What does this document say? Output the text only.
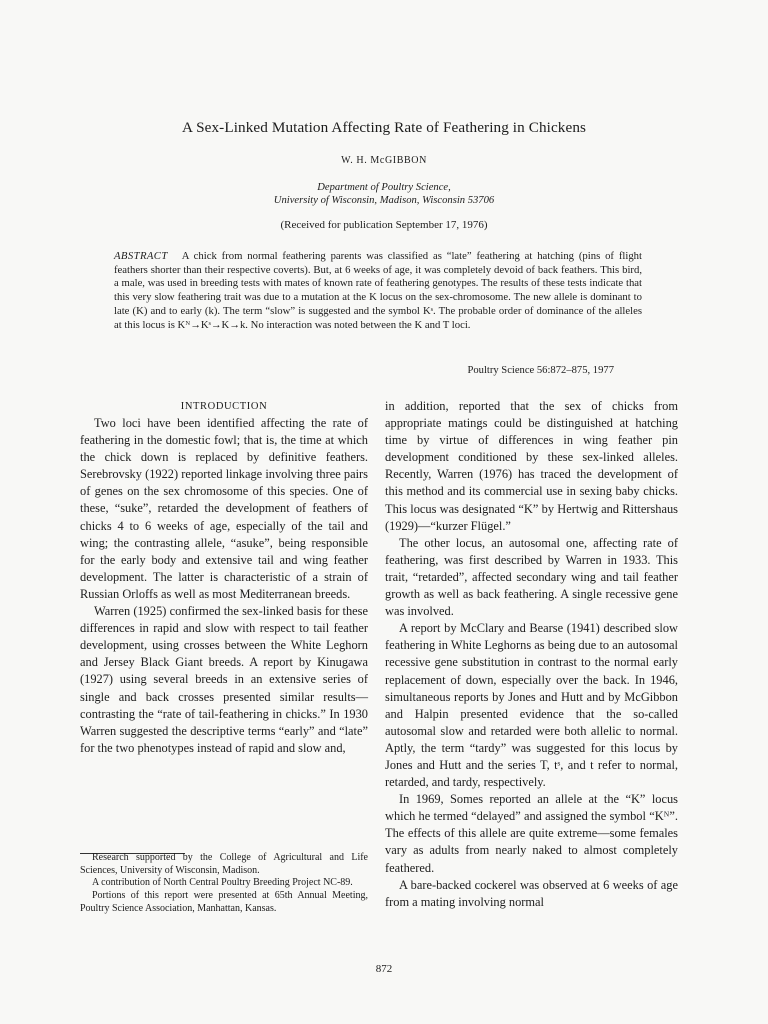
A Sex-Linked Mutation Affecting Rate of Feathering in Chickens
W. H. McGIBBON
Department of Poultry Science,
University of Wisconsin, Madison, Wisconsin 53706
(Received for publication September 17, 1976)
ABSTRACT A chick from normal feathering parents was classified as “late” feathering at hatching (pins of flight feathers shorter than their respective coverts). But, at 6 weeks of age, it was completely devoid of back feathers. This bird, a male, was used in breeding tests with mates of known rate of feathering genotypes. The results of these tests indicate that this very slow feathering trait was due to a mutation at the K locus on the sex-chromosome. The new allele is dominant to late (K) and to early (k). The term “slow” is suggested and the symbol Kˢ. The probable order of dominance of the alleles at this locus is Kᴺ→Kˢ→K→k. No interaction was noted between the K and T loci.
Poultry Science 56:872–875, 1977

INTRODUCTION

Two loci have been identified affecting the rate of feathering in the domestic fowl; that is, the time at which the chick down is replaced by definitive feathers. Serebrovsky (1922) reported linkage involving three pairs of genes on the sex chromosome of this species. One of these, “suke”, retarded the development of feathers of chicks 4 to 6 weeks of age, especially of the tail and wing; the contrasting allele, “asuke”, being responsible for the early body and extensive tail and wing feather development. The latter is characteristic of a strain of Russian Orloffs as well as most Mediterranean breeds.

Warren (1925) confirmed the sex-linked basis for these differences in rapid and slow with respect to tail feather development, using crosses between the White Leghorn and Jersey Black Giant breeds. A report by Kinugawa (1927) using several breeds in an extensive series of single and back crosses presented similar results—contrasting the “rate of tail-feathering in chicks.” In 1930 Warren suggested the descriptive terms “early” and “late” for the two phenotypes instead of rapid and slow and,

in addition, reported that the sex of chicks from appropriate matings could be distinguished at hatching time by virtue of differences in wing feather pin development conditioned by these sex-linked alleles. Recently, Warren (1976) has traced the development of this method and its commercial use in sexing baby chicks. This locus was designated “K” by Hertwig and Rittershaus (1929)—“kurzer Flügel.”

The other locus, an autosomal one, affecting rate of feathering, was first described by Warren in 1933. This trait, “retarded”, affected secondary wing and tail feather growth as well as back feathering. A single recessive gene was involved.

A report by McClary and Bearse (1941) described slow feathering in White Leghorns as being due to an autosomal recessive gene substitution in contrast to the normal early replacement of down, especially over the back. In 1946, simultaneous reports by Jones and Hutt and by McGibbon and Halpin presented evidence that the so-called autosomal slow and retarded were both allelic to normal. Aptly, the term “tardy” was suggested for this locus by Jones and Hutt and the series T, tˢ, and t refer to normal, retarded, and tardy, respectively.

In 1969, Somes reported an allele at the “K” locus which he termed “delayed” and assigned the symbol “Kᴺ”. The effects of this allele are quite extreme—some females vary as adults from nearly naked to almost completely feathered.

A bare-backed cockerel was observed at 6 weeks of age from a mating involving normal

Research supported by the College of Agricultural and Life Sciences, University of Wisconsin, Madison.

A contribution of North Central Poultry Breeding Project NC-89.

Portions of this report were presented at 65th Annual Meeting, Poultry Science Association, Manhattan, Kansas.

872
